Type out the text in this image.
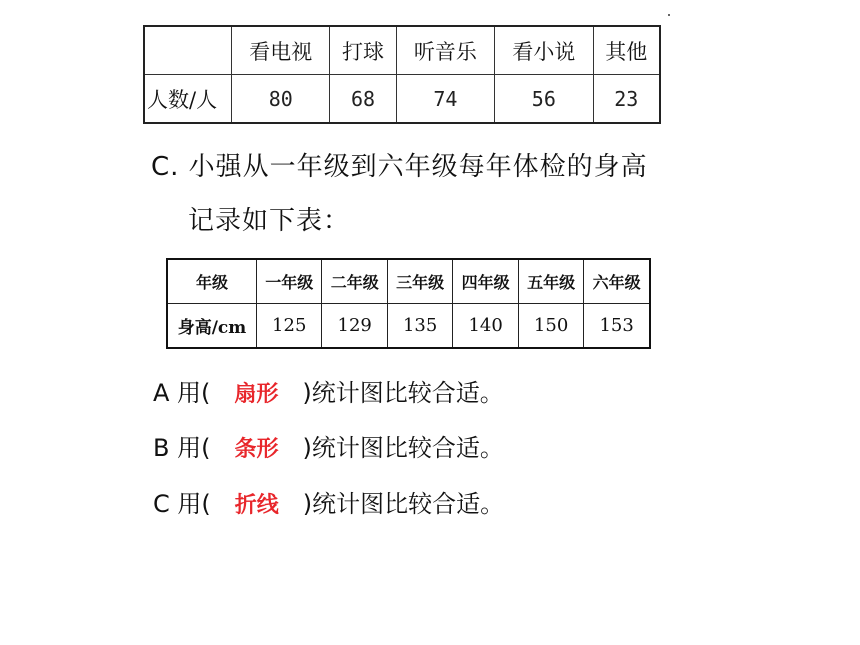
	看电视	打球	听音乐	看小说	其他
人数/人	80	68	74	56	23
C. 小强从一年级到六年级每年体检的身高
记录如下表：
年级	一年级	二年级	三年级	四年级	五年级	六年级
身高/cm	125	129	135	140	150	153
A 用( 扇形 )统计图比较合适。
B 用( 条形 )统计图比较合适。
C 用( 折线 )统计图比较合适。
